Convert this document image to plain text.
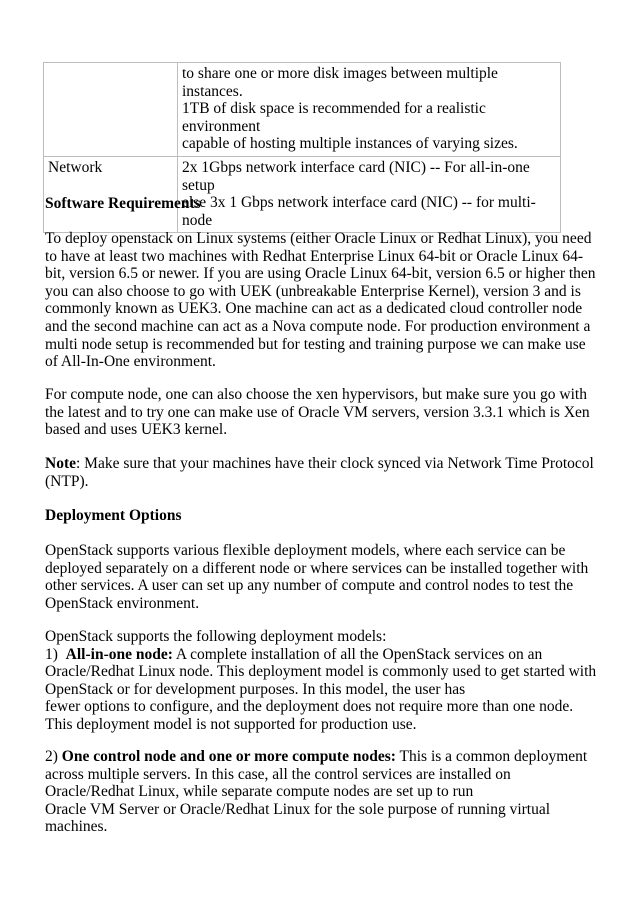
	to share one or more disk images between multiple instances.
1TB of disk space is recommended for a realistic environment
capable of hosting multiple instances of varying sizes.

Network	2x 1Gbps network interface card (NIC) -- For all-in-one setup
else 3x 1 Gbps network interface card (NIC) -- for multi-node

Software Requirements

To deploy openstack on Linux systems (either Oracle Linux or Redhat Linux), you need
to have at least two machines with Redhat Enterprise Linux 64-bit or Oracle Linux 64-
bit, version 6.5 or newer. If you are using Oracle Linux 64-bit, version 6.5 or higher then
you can also choose to go with UEK (unbreakable Enterprise Kernel), version 3 and is
commonly known as UEK3. One machine can act as a dedicated cloud controller node
and the second machine can act as a Nova compute node. For production environment a
multi node setup is recommended but for testing and training purpose we can make use
of All-In-One environment.

For compute node, one can also choose the xen hypervisors, but make sure you go with
the latest and to try one can make use of Oracle VM servers, version 3.3.1 which is Xen
based and uses UEK3 kernel.

Note: Make sure that your machines have their clock synced via Network Time Protocol
(NTP).

Deployment Options

OpenStack supports various flexible deployment models, where each service can be
deployed separately on a different node or where services can be installed together with
other services. A user can set up any number of compute and control nodes to test the
OpenStack environment.

OpenStack supports the following deployment models:
1)  All-in-one node: A complete installation of all the OpenStack services on an
Oracle/Redhat Linux node. This deployment model is commonly used to get started with
OpenStack or for development purposes. In this model, the user has
fewer options to configure, and the deployment does not require more than one node.
This deployment model is not supported for production use.

2) One control node and one or more compute nodes: This is a common deployment
across multiple servers. In this case, all the control services are installed on
Oracle/Redhat Linux, while separate compute nodes are set up to run
Oracle VM Server or Oracle/Redhat Linux for the sole purpose of running virtual
machines.
